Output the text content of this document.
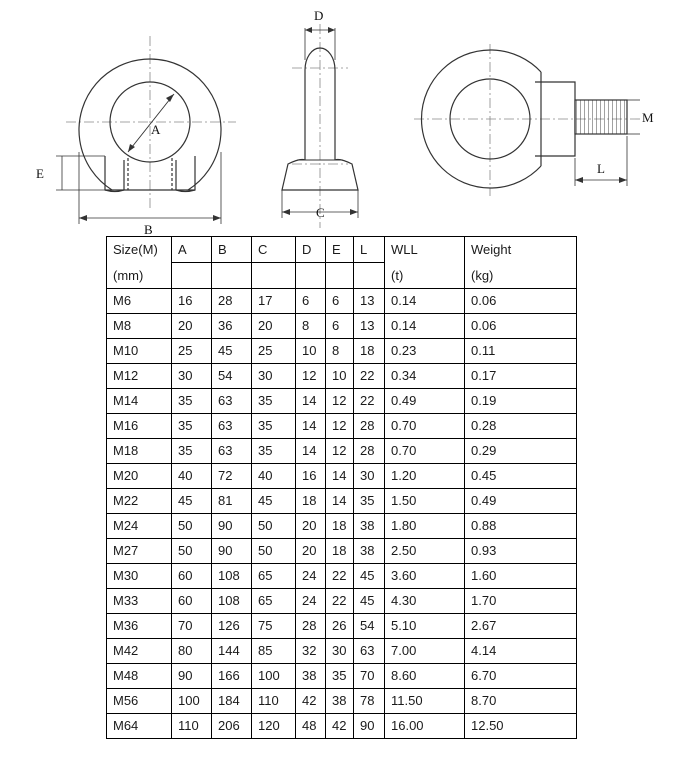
A
E
B
D
C
M
L
Size(M)	A	B	C	D	E	L	WLL	Weight
(mm)							(t)	(kg)
M6	16	28	17	6	6	13	0.14	0.06
M8	20	36	20	8	6	13	0.14	0.06
M10	25	45	25	10	8	18	0.23	0.11
M12	30	54	30	12	10	22	0.34	0.17
M14	35	63	35	14	12	22	0.49	0.19
M16	35	63	35	14	12	28	0.70	0.28
M18	35	63	35	14	12	28	0.70	0.29
M20	40	72	40	16	14	30	1.20	0.45
M22	45	81	45	18	14	35	1.50	0.49
M24	50	90	50	20	18	38	1.80	0.88
M27	50	90	50	20	18	38	2.50	0.93
M30	60	108	65	24	22	45	3.60	1.60
M33	60	108	65	24	22	45	4.30	1.70
M36	70	126	75	28	26	54	5.10	2.67
M42	80	144	85	32	30	63	7.00	4.14
M48	90	166	100	38	35	70	8.60	6.70
M56	100	184	110	42	38	78	11.50	8.70
M64	110	206	120	48	42	90	16.00	12.50
